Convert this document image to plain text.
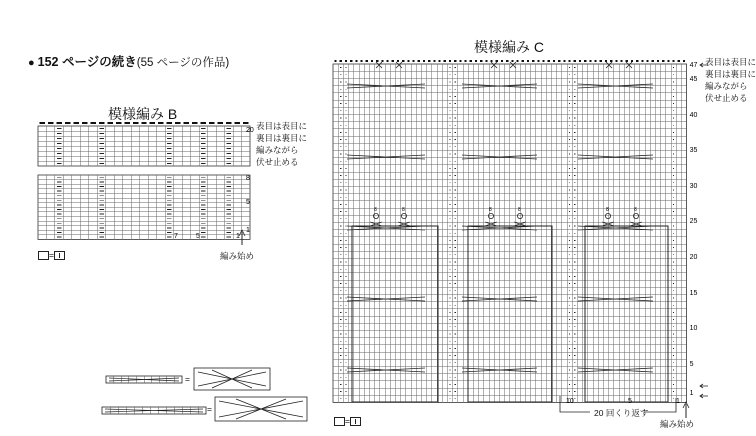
● 152 ページの続き(55 ページの作品)
模様編み B
20
8
5
1
7	5	1
表目は表目に
裏目は裏目に
編みながら
伏せ止める
編み始め
=
模様編み C
8	8	8	8	8	8
47
45
40
35
30
25
20
15
10
5
1
10	5	1
表目は表目に
裏目は裏目に
編みながら
伏せ止める
20 回くり返す
編み始め
=
=
=
